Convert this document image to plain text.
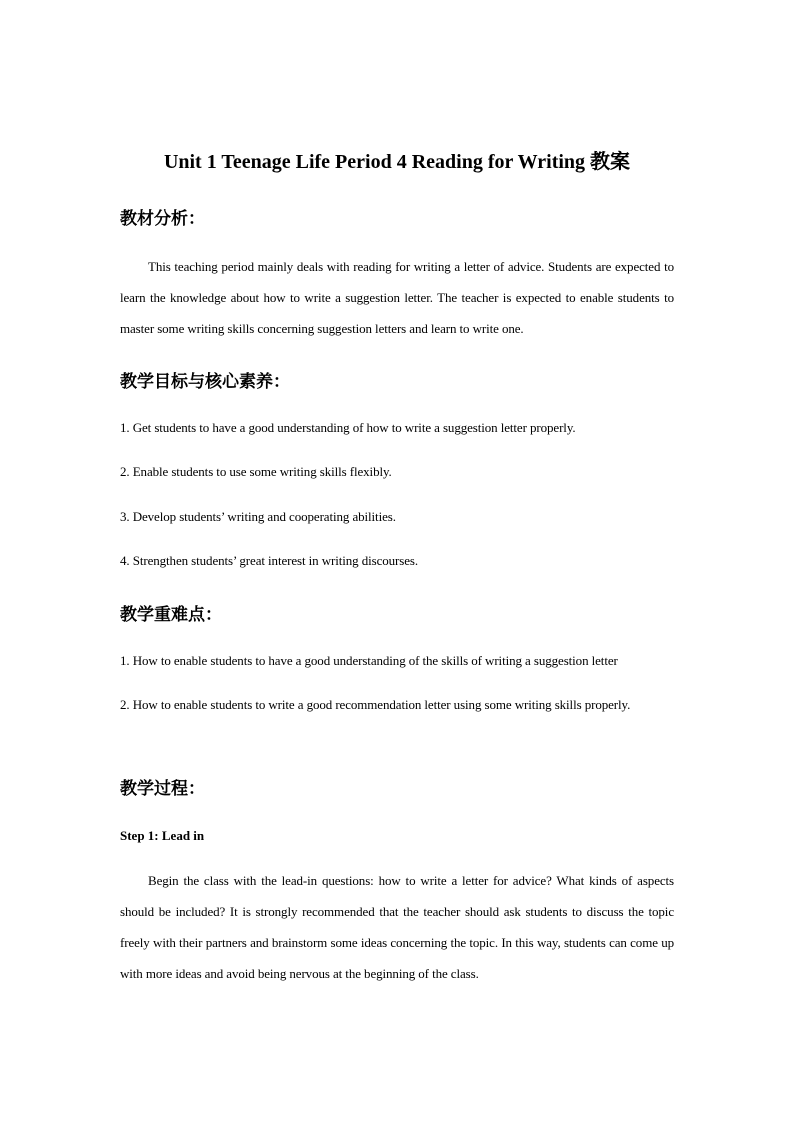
Unit 1 Teenage Life Period 4 Reading for Writing 教案
教材分析：
This teaching period mainly deals with reading for writing a letter of advice. Students are expected to learn the knowledge about how to write a suggestion letter. The teacher is expected to enable students to master some writing skills concerning suggestion letters and learn to write one.
教学目标与核心素养：
1. Get students to have a good understanding of how to write a suggestion letter properly.
2. Enable students to use some writing skills flexibly.
3. Develop students’ writing and cooperating abilities.
4. Strengthen students’ great interest in writing discourses.
教学重难点：
1. How to enable students to have a good understanding of the skills of writing a suggestion letter
2. How to enable students to write a good recommendation letter using some writing skills properly.
教学过程：
Step 1: Lead in
Begin the class with the lead-in questions: how to write a letter for advice? What kinds of aspects should be included? It is strongly recommended that the teacher should ask students to discuss the topic freely with their partners and brainstorm some ideas concerning the topic. In this way, students can come up with more ideas and avoid being nervous at the beginning of the class.
